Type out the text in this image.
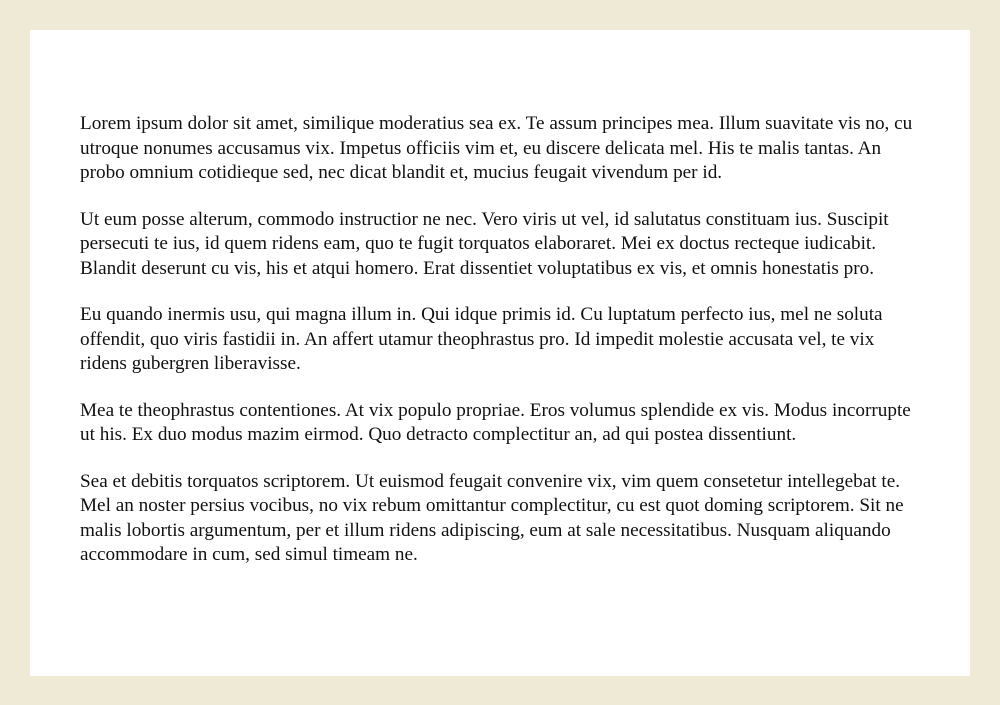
Lorem ipsum dolor sit amet, similique moderatius sea ex. Te assum principes mea. Illum suavitate vis no, cu utroque nonumes accusamus vix. Impetus officiis vim et, eu discere delicata mel. His te malis tantas. An probo omnium cotidieque sed, nec dicat blandit et, mucius feugait vivendum per id.

Ut eum posse alterum, commodo instructior ne nec. Vero viris ut vel, id salutatus constituam ius. Suscipit persecuti te ius, id quem ridens eam, quo te fugit torquatos elaboraret. Mei ex doctus recteque iudicabit. Blandit deserunt cu vis, his et atqui homero. Erat dissentiet voluptatibus ex vis, et omnis honestatis pro.

Eu quando inermis usu, qui magna illum in. Qui idque primis id. Cu luptatum perfecto ius, mel ne soluta offendit, quo viris fastidii in. An affert utamur theophrastus pro. Id impedit molestie accusata vel, te vix ridens gubergren liberavisse.

Mea te theophrastus contentiones. At vix populo propriae. Eros volumus splendide ex vis. Modus incorrupte ut his. Ex duo modus mazim eirmod. Quo detracto complectitur an, ad qui postea dissentiunt.

Sea et debitis torquatos scriptorem. Ut euismod feugait convenire vix, vim quem consetetur intellegebat te. Mel an noster persius vocibus, no vix rebum omittantur complectitur, cu est quot doming scriptorem. Sit ne malis lobortis argumentum, per et illum ridens adipiscing, eum at sale necessitatibus. Nusquam aliquando accommodare in cum, sed simul timeam ne.
